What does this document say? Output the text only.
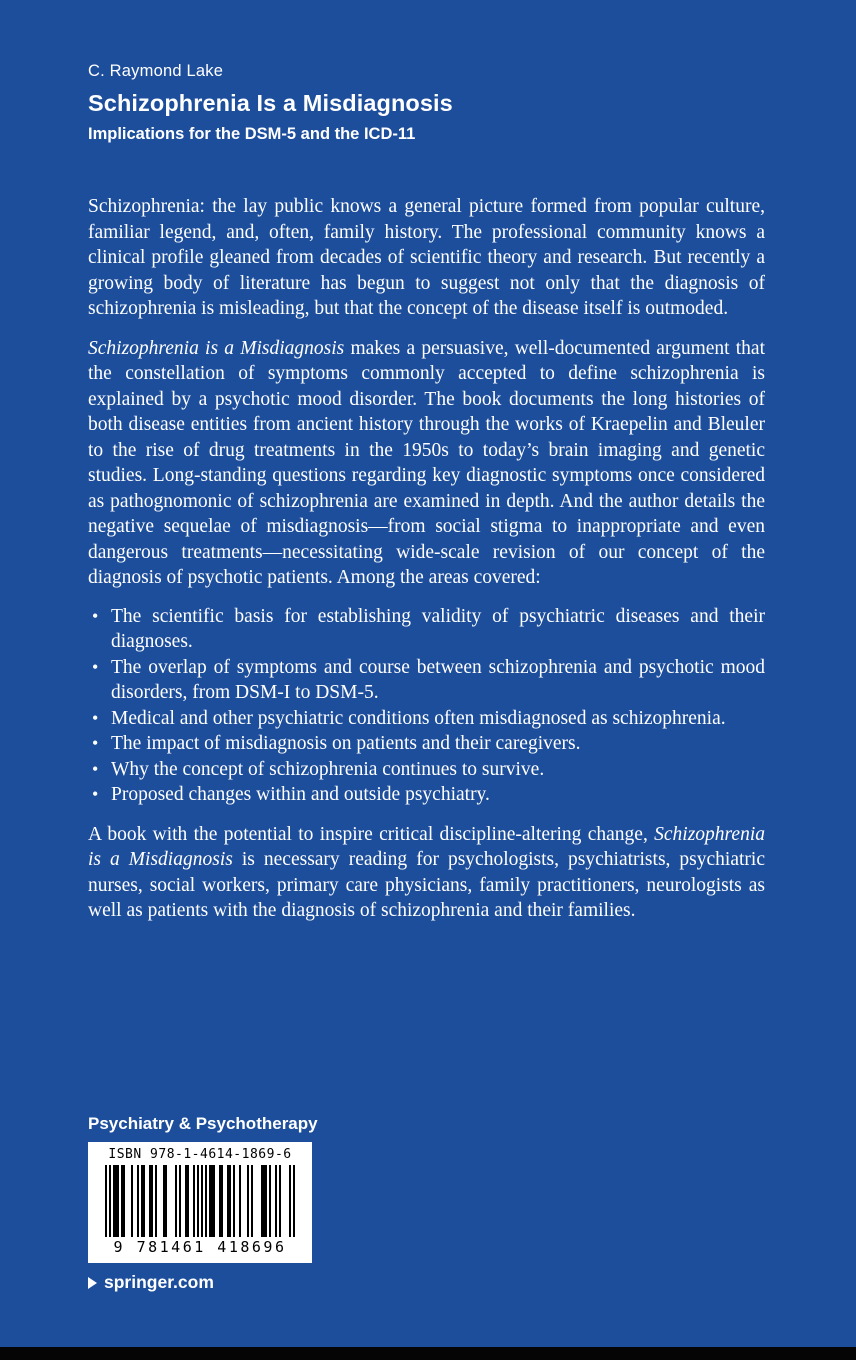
C. Raymond Lake

Schizophrenia Is a Misdiagnosis
Implications for the DSM-5 and the ICD-11

Schizophrenia: the lay public knows a general picture formed from popular culture, familiar legend, and, often, family history. The professional community knows a clinical profile gleaned from decades of scientific theory and research. But recently a growing body of literature has begun to suggest not only that the diagnosis of schizophrenia is misleading, but that the concept of the disease itself is outmoded.

Schizophrenia is a Misdiagnosis makes a persuasive, well-documented argument that the constellation of symptoms commonly accepted to define schizophrenia is explained by a psychotic mood disorder. The book documents the long histories of both disease entities from ancient history through the works of Kraepelin and Bleuler to the rise of drug treatments in the 1950s to today’s brain imaging and genetic studies. Long-standing questions regarding key diagnostic symptoms once considered as pathognomonic of schizophrenia are examined in depth. And the author details the negative sequelae of misdiagnosis—from social stigma to inappropriate and even dangerous treatments—necessitating wide-scale revision of our concept of the diagnosis of psychotic patients. Among the areas covered:

• The scientific basis for establishing validity of psychiatric diseases and their diagnoses.
• The overlap of symptoms and course between schizophrenia and psychotic mood disorders, from DSM-I to DSM-5.
• Medical and other psychiatric conditions often misdiagnosed as schizophrenia.
• The impact of misdiagnosis on patients and their caregivers.
• Why the concept of schizophrenia continues to survive.
• Proposed changes within and outside psychiatry.

A book with the potential to inspire critical discipline-altering change, Schizophrenia is a Misdiagnosis is necessary reading for psychologists, psychiatrists, psychiatric nurses, social workers, primary care physicians, family practitioners, neurologists as well as patients with the diagnosis of schizophrenia and their families.

Psychiatry & Psychotherapy

ISBN 978-1-4614-1869-6
9 781461 418696
springer.com
